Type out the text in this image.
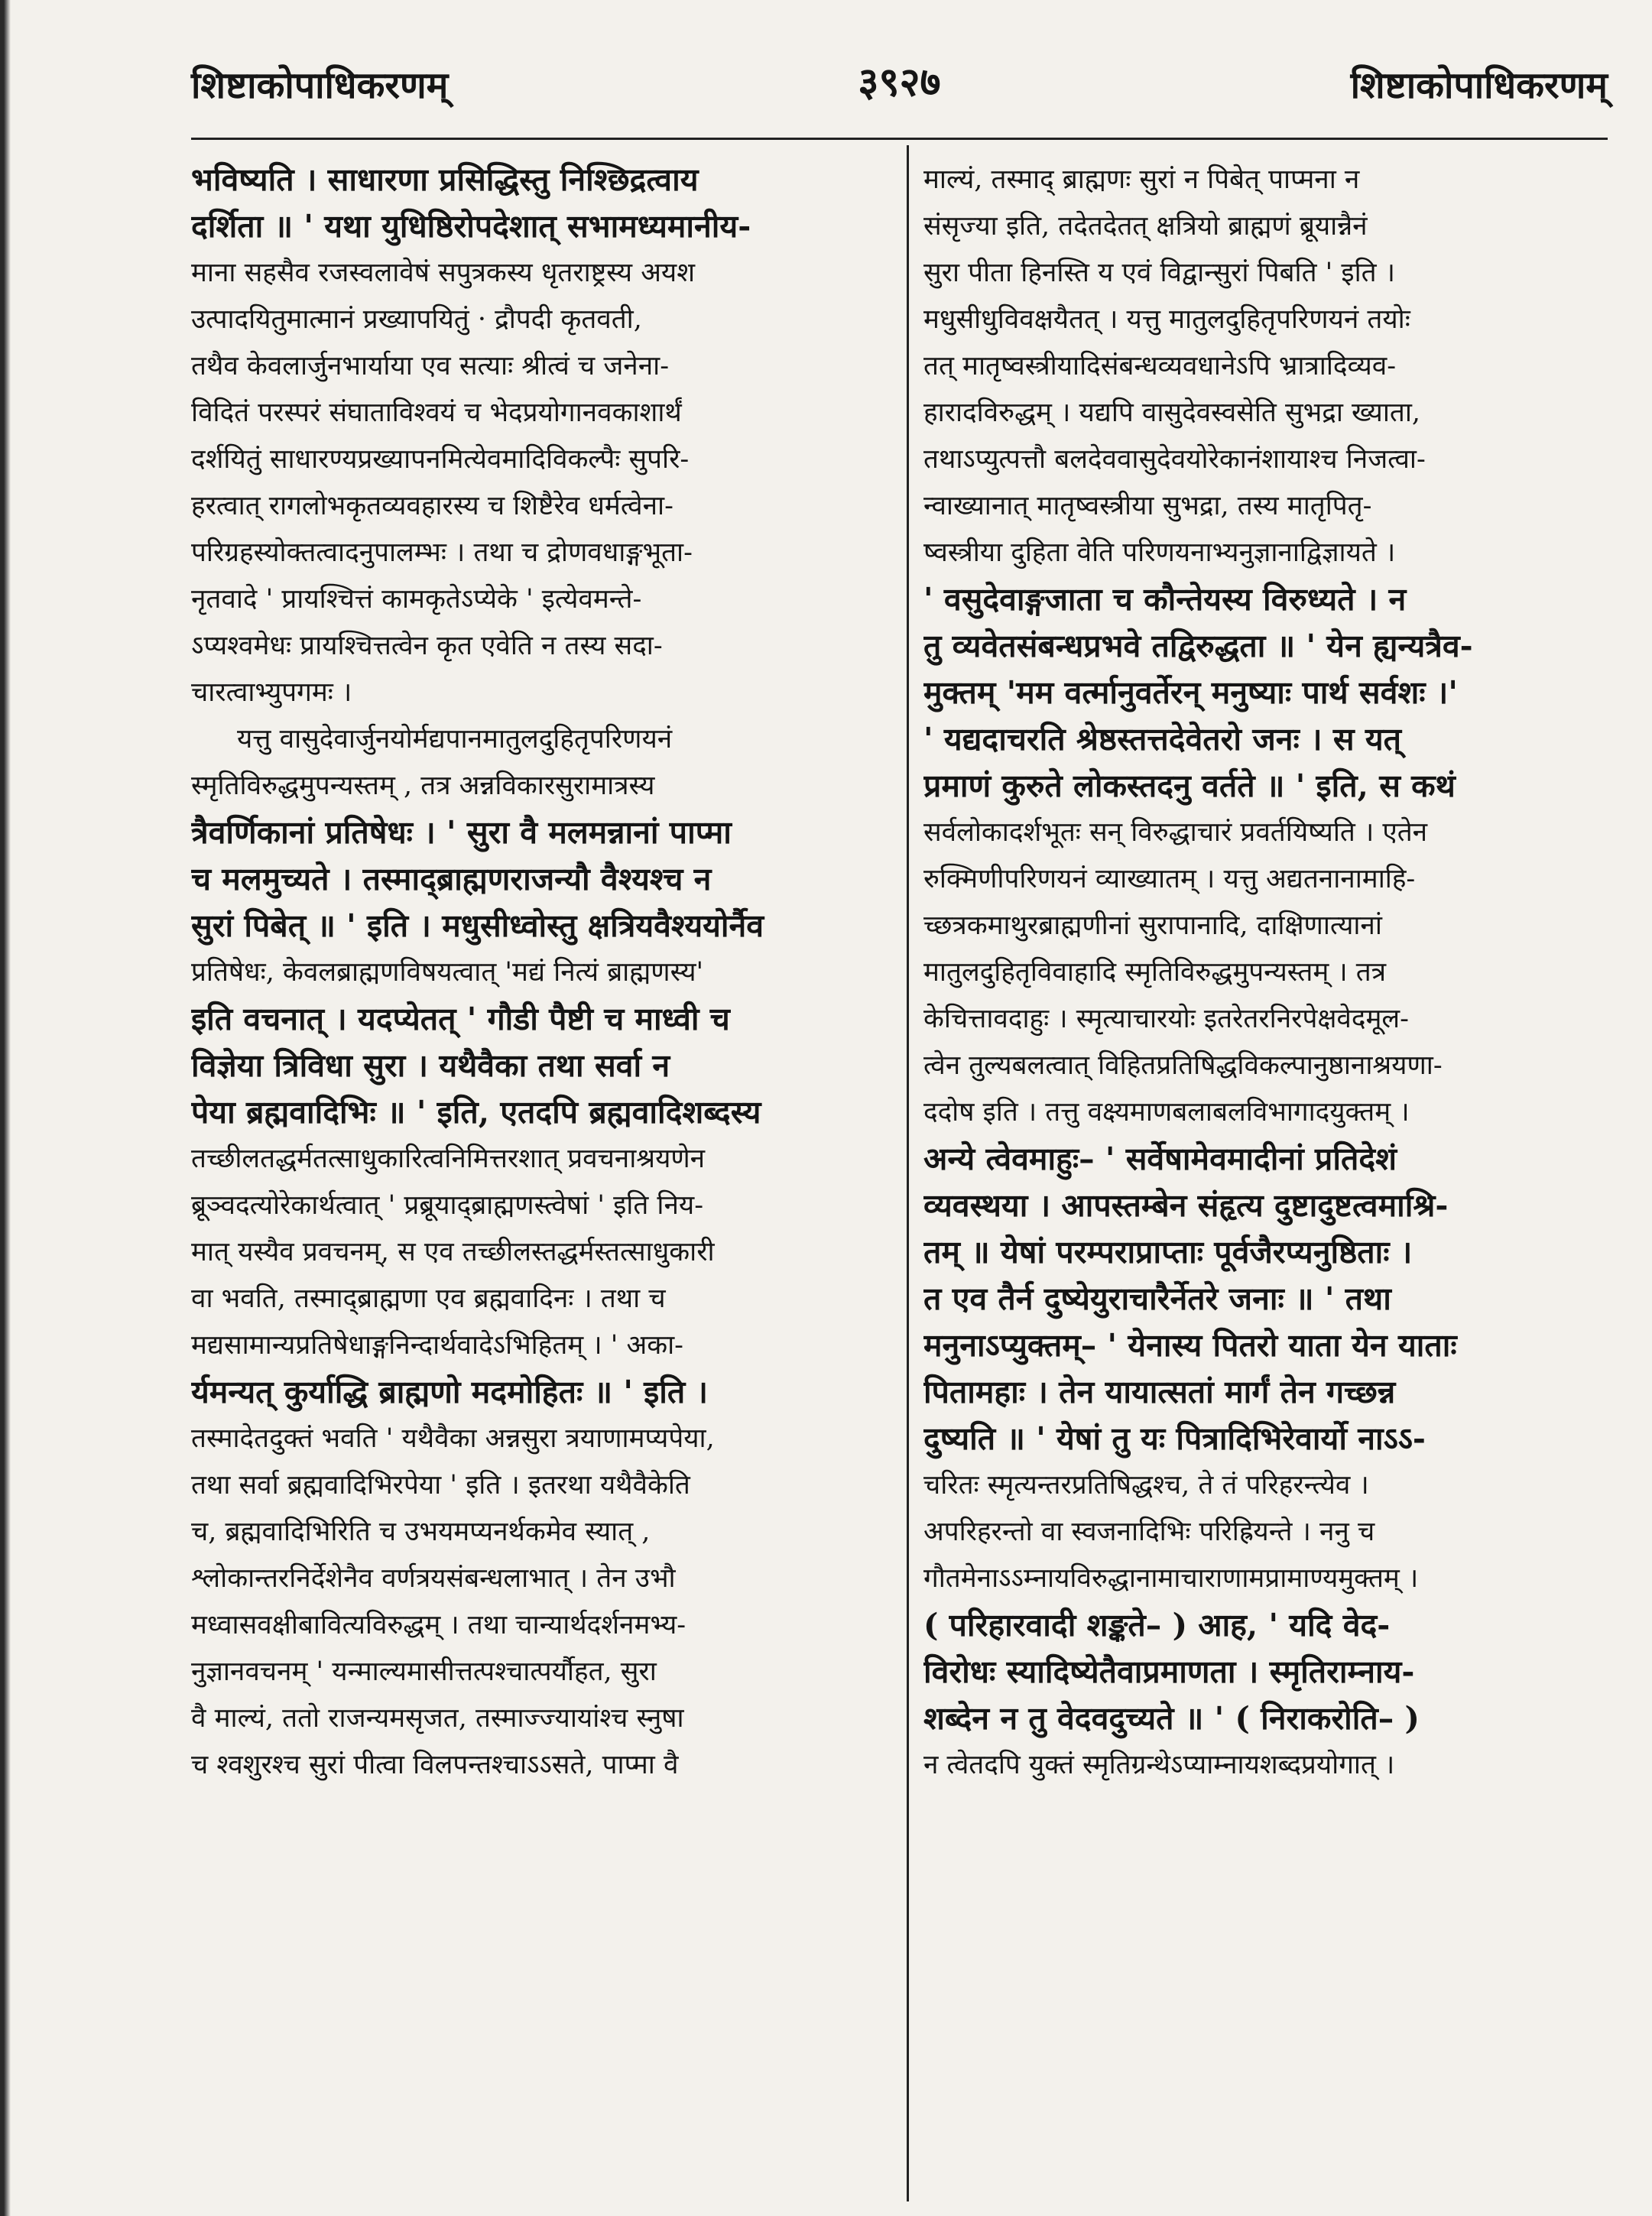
शिष्टाकोपाधिकरणम्	३९२७	शिष्टाकोपाधिकरणम्
भविष्यति । साधारणा प्रसिद्धिस्तु निश्छिद्रत्वाय
दर्शिता ॥ ' यथा युधिष्ठिरोपदेशात् सभामध्यमानीय-
माना सहसैव रजस्वलावेषं सपुत्रकस्य धृतराष्ट्रस्य अयश
उत्पादयितुमात्मानं प्रख्यापयितुं · द्रौपदी कृतवती,
तथैव केवलार्जुनभार्याया एव सत्याः श्रीत्वं च जनेना-
विदितं परस्परं संघाताविश्वयं च भेदप्रयोगानवकाशार्थं
दर्शयितुं साधारण्यप्रख्यापनमित्येवमादिविकल्पैः सुपरि-
हरत्वात् रागलोभकृतव्यवहारस्य च शिष्टैरेव धर्मत्वेना-
परिग्रहस्योक्तत्वादनुपालम्भः । तथा च द्रोणवधाङ्गभूता-
नृतवादे ' प्रायश्चित्तं कामकृतेऽप्येके ' इत्येवमन्ते-
ऽप्यश्वमेधः प्रायश्चित्तत्वेन कृत एवेति न तस्य सदा-
चारत्वाभ्युपगमः ।
यत्तु वासुदेवार्जुनयोर्मद्यपानमातुलदुहितृपरिणयनं
स्मृतिविरुद्धमुपन्यस्तम् , तत्र अन्नविकारसुरामात्रस्य
त्रैवर्णिकानां प्रतिषेधः । ' सुरा वै मलमन्नानां पाप्मा
च मलमुच्यते । तस्माद्ब्राह्मणराजन्यौ वैश्यश्च न
सुरां पिबेत् ॥ ' इति । मधुसीध्वोस्तु क्षत्रियवैश्ययोर्नैव
प्रतिषेधः, केवलब्राह्मणविषयत्वात् 'मद्यं नित्यं ब्राह्मणस्य'
इति वचनात् । यदप्येतत् ' गौडी पैष्टी च माध्वी च
विज्ञेया त्रिविधा सुरा । यथैवैका तथा सर्वा न
पेया ब्रह्मवादिभिः ॥ ' इति, एतदपि ब्रह्मवादिशब्दस्य
तच्छीलतद्धर्मतत्साधुकारित्वनिमित्तरशात् प्रवचनाश्रयणेन
ब्रूञ्वदत्योरेकार्थत्वात् ' प्रब्रूयाद्ब्राह्मणस्त्वेषां ' इति निय-
मात् यस्यैव प्रवचनम्, स एव तच्छीलस्तद्धर्मस्तत्साधुकारी
वा भवति, तस्माद्ब्राह्मणा एव ब्रह्मवादिनः । तथा च
मद्यसामान्यप्रतिषेधाङ्गनिन्दार्थवादेऽभिहितम् । ' अका-
र्यमन्यत् कुर्याद्धि ब्राह्मणो मदमोहितः ॥ ' इति ।
तस्मादेतदुक्तं भवति ' यथैवैका अन्नसुरा त्रयाणामप्यपेया,
तथा सर्वा ब्रह्मवादिभिरपेया ' इति । इतरथा यथैवैकेति
च, ब्रह्मवादिभिरिति च उभयमप्यनर्थकमेव स्यात् ,
श्लोकान्तरनिर्देशेनैव वर्णत्रयसंबन्धलाभात् । तेन उभौ
मध्वासवक्षीबावित्यविरुद्धम् । तथा चान्यार्थदर्शनमभ्य-
नुज्ञानवचनम् ' यन्माल्यमासीत्तत्पश्चात्पर्यौहत, सुरा
वै माल्यं, ततो राजन्यमसृजत, तस्माज्ज्यायांश्च स्नुषा
च श्वशुरश्च सुरां पीत्वा विलपन्तश्चाऽऽसते, पाप्मा वै
माल्यं, तस्माद् ब्राह्मणः सुरां न पिबेत् पाप्मना न
संसृज्या इति, तदेतदेतत् क्षत्रियो ब्राह्मणं ब्रूयान्नैनं
सुरा पीता हिनस्ति य एवं विद्वान्सुरां पिबति ' इति ।
मधुसीधुविवक्षयैतत् । यत्तु मातुलदुहितृपरिणयनं तयोः
तत् मातृष्वस्त्रीयादिसंबन्धव्यवधानेऽपि भ्रात्रादिव्यव-
हारादविरुद्धम् । यद्यपि वासुदेवस्वसेति सुभद्रा ख्याता,
तथाऽप्युत्पत्तौ बलदेववासुदेवयोरेकानंशायाश्च निजत्वा-
न्वाख्यानात् मातृष्वस्त्रीया सुभद्रा, तस्य मातृपितृ-
ष्वस्त्रीया दुहिता वेति परिणयनाभ्यनुज्ञानाद्विज्ञायते ।
' वसुदेवाङ्गजाता च कौन्तेयस्य विरुध्यते । न
तु व्यवेतसंबन्धप्रभवे तद्विरुद्धता ॥ ' येन ह्यन्यत्रैव-
मुक्तम् 'मम वर्त्मानुवर्तेरन् मनुष्याः पार्थ सर्वशः ।'
' यद्यदाचरति श्रेष्ठस्तत्तदेवेतरो जनः । स यत्
प्रमाणं कुरुते लोकस्तदनु वर्तते ॥ ' इति, स कथं
सर्वलोकादर्शभूतः सन् विरुद्धाचारं प्रवर्तयिष्यति । एतेन
रुक्मिणीपरिणयनं व्याख्यातम् । यत्तु अद्यतनानामाहि-
च्छत्रकमाथुरब्राह्मणीनां सुरापानादि, दाक्षिणात्यानां
मातुलदुहितृविवाहादि स्मृतिविरुद्धमुपन्यस्तम् । तत्र
केचित्तावदाहुः । स्मृत्याचारयोः इतरेतरनिरपेक्षवेदमूल-
त्वेन तुल्यबलत्वात् विहितप्रतिषिद्धविकल्पानुष्ठानाश्रयणा-
ददोष इति । तत्तु वक्ष्यमाणबलाबलविभागादयुक्तम् ।
अन्ये त्वेवमाहुः– ' सर्वेषामेवमादीनां प्रतिदेशं
व्यवस्थया । आपस्तम्बेन संहृत्य दुष्टादुष्टत्वमाश्रि-
तम् ॥ येषां परम्पराप्राप्ताः पूर्वजैरप्यनुष्ठिताः ।
त एव तैर्न दुष्येयुराचारैर्नेतरे जनाः ॥ ' तथा
मनुनाऽप्युक्तम्– ' येनास्य पितरो याता येन याताः
पितामहाः । तेन यायात्सतां मार्गं तेन गच्छन्न
दुष्यति ॥ ' येषां तु यः पित्रादिभिरेवार्यो नाऽऽ-
चरितः स्मृत्यन्तरप्रतिषिद्धश्च, ते तं परिहरन्त्येव ।
अपरिहरन्तो वा स्वजनादिभिः परिह्रियन्ते । ननु च
गौतमेनाऽऽम्नायविरुद्धानामाचाराणामप्रामाण्यमुक्तम् ।
( परिहारवादी शङ्कते– ) आह, ' यदि वेद-
विरोधः स्यादिष्येतैवाप्रमाणता । स्मृतिराम्नाय-
शब्देन न तु वेदवदुच्यते ॥ ' ( निराकरोति– )
न त्वेतदपि युक्तं स्मृतिग्रन्थेऽप्याम्नायशब्दप्रयोगात् ।
